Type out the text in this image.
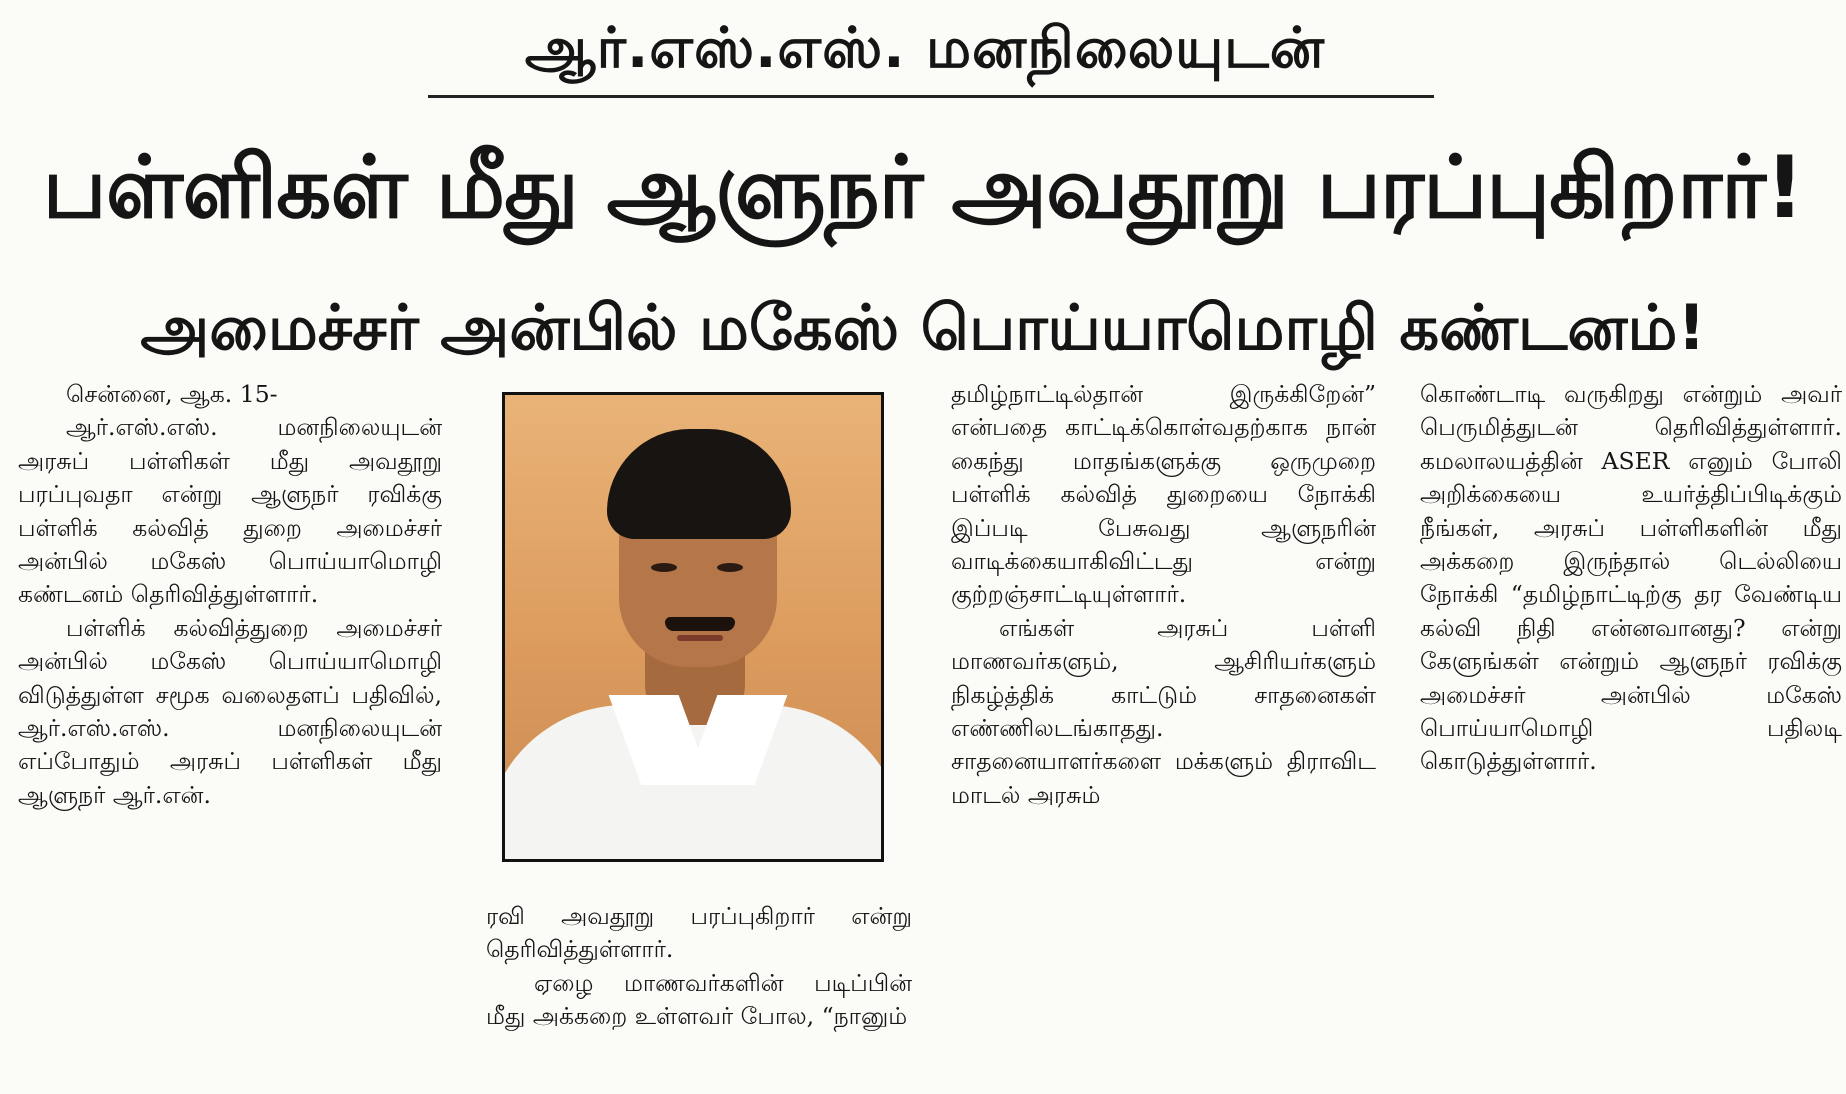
ஆர்.எஸ்.எஸ். மனநிலையுடன்
பள்ளிகள் மீது ஆளுநர் அவதூறு பரப்புகிறார்!
அமைச்சர் அன்பில் மகேஸ் பொய்யாமொழி கண்டனம்!

சென்னை, ஆக. 15-

ஆர்.எஸ்.எஸ். மனநிலையுடன் அரசுப் பள்ளிகள் மீது அவதூறு பரப்புவதா என்று ஆளுநர் ரவிக்கு பள்ளிக் கல்வித் துறை அமைச்சர் அன்பில் மகேஸ் பொய்யாமொழி கண்டனம் தெரிவித்துள்ளார்.

பள்ளிக் கல்வித்துறை அமைச்சர் அன்பில் மகேஸ் பொய்யாமொழி விடுத்துள்ள சமூக வலைதளப் பதிவில், ஆர்.எஸ்.எஸ். மனநிலையுடன் எப்போதும் அரசுப் பள்ளிகள் மீது ஆளுநர் ஆர்.என்.

ரவி அவதூறு பரப்புகிறார் என்று தெரிவித்துள்ளார்.

ஏழை மாணவர்களின் படிப்பின் மீது அக்கறை உள்ளவர் போல, “நானும்

தமிழ்நாட்டில்தான் இருக்கிறேன்” என்பதை காட்டிக்கொள்வதற்காக நான் கைந்து மாதங்களுக்கு ஒருமுறை பள்ளிக் கல்வித் துறையை நோக்கி இப்படி பேசுவது ஆளுநரின் வாடிக்கையாகிவிட்டது என்று குற்றஞ்சாட்டியுள்ளார்.

எங்கள் அரசுப் பள்ளி மாணவர்களும், ஆசிரியர்களும் நிகழ்த்திக் காட்டும் சாதனைகள் எண்ணிலடங்காதது. சாதனையாளர்களை மக்களும் திராவிட மாடல் அரசும்

கொண்டாடி வருகிறது என்றும் அவர் பெருமித்துடன் தெரிவித்துள்ளார். கமலாலயத்தின் ASER எனும் போலி அறிக்கையை உயர்த்திப்பிடிக்கும் நீங்கள், அரசுப் பள்ளிகளின் மீது அக்கறை இருந்தால் டெல்லியை நோக்கி “தமிழ்நாட்டிற்கு தர வேண்டிய கல்வி நிதி என்னவானது? என்று கேளுங்கள் என்றும் ஆளுநர் ரவிக்கு அமைச்சர் அன்பில் மகேஸ் பொய்யாமொழி பதிலடி கொடுத்துள்ளார்.
